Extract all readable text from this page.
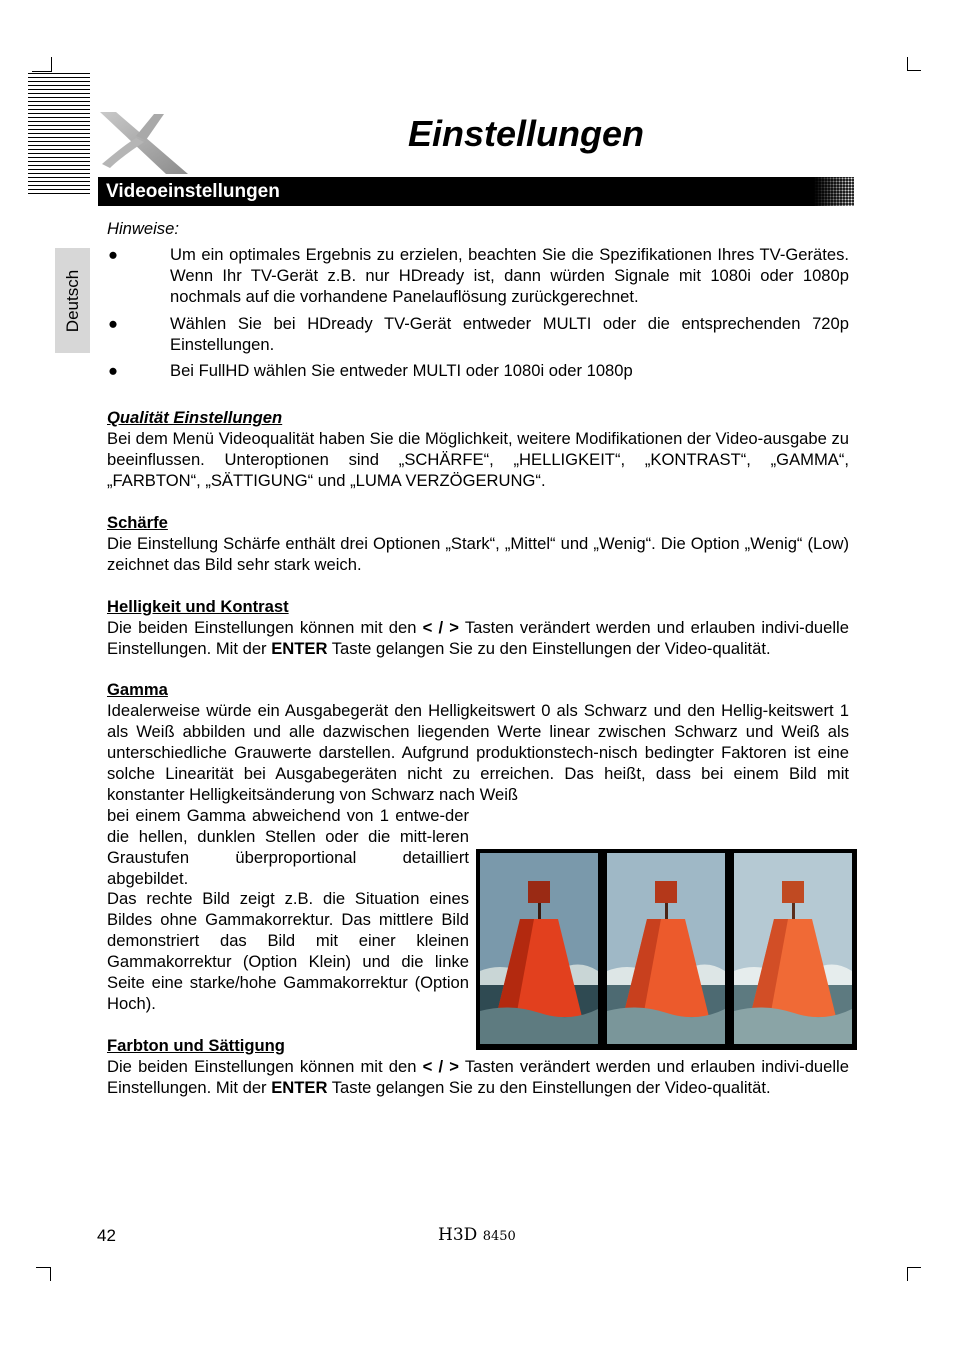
Einstellungen
Videoeinstellungen
Deutsch

Hinweise:

●	Um ein optimales Ergebnis zu erzielen, beachten Sie die Spezifikationen Ihres TV-Gerätes. Wenn Ihr TV-Gerät z.B. nur HDready ist, dann würden Signale mit 1080i oder 1080p nochmals auf die vorhandene Panelauflösung zurückgerechnet.
●	Wählen Sie bei HDready TV-Gerät entweder MULTI oder die entsprechenden 720p Einstellungen.
●	Bei FullHD wählen Sie entweder MULTI oder 1080i oder 1080p

Qualität Einstellungen

Bei dem Menü Videoqualität haben Sie die Möglichkeit, weitere Modifikationen der Video-ausgabe zu beeinflussen. Unteroptionen sind „SCHÄRFE“, „HELLIGKEIT“, „KONTRAST“, „GAMMA“, „FARBTON“, „SÄTTIGUNG“ und „LUMA VERZÖGERUNG“.

Schärfe

Die Einstellung Schärfe enthält drei Optionen „Stark“, „Mittel“ und „Wenig“. Die Option „Wenig“ (Low) zeichnet das Bild sehr stark weich.

Helligkeit und Kontrast

Die beiden Einstellungen können mit den < / > Tasten verändert werden und erlauben indivi-duelle Einstellungen. Mit der ENTER Taste gelangen Sie zu den Einstellungen der Video-qualität.

Gamma

Idealerweise würde ein Ausgabegerät den Helligkeitswert 0 als Schwarz und den Hellig-keitswert 1 als Weiß abbilden und alle dazwischen liegenden Werte linear zwischen Schwarz und Weiß als unterschiedliche Grauwerte darstellen. Aufgrund produktionstech-nisch bedingter Faktoren ist eine solche Linearität bei Ausgabegeräten nicht zu erreichen. Das heißt, dass bei einem Bild mit konstanter Helligkeitsänderung von Schwarz nach Weiß

bei einem Gamma abweichend von 1 entwe-der die hellen, dunklen Stellen oder die mitt-leren Graustufen überproportional detailliert abgebildet.

Das rechte Bild zeigt z.B. die Situation eines Bildes ohne Gammakorrektur. Das mittlere Bild demonstriert das Bild mit einer kleinen Gammakorrektur (Option Klein) und die linke Seite eine starke/hohe Gammakorrektur (Option Hoch).

Farbton und Sättigung

Die beiden Einstellungen können mit den < / > Tasten verändert werden und erlauben indivi-duelle Einstellungen. Mit der ENTER Taste gelangen Sie zu den Einstellungen der Video-qualität.

42	H3D 8450
